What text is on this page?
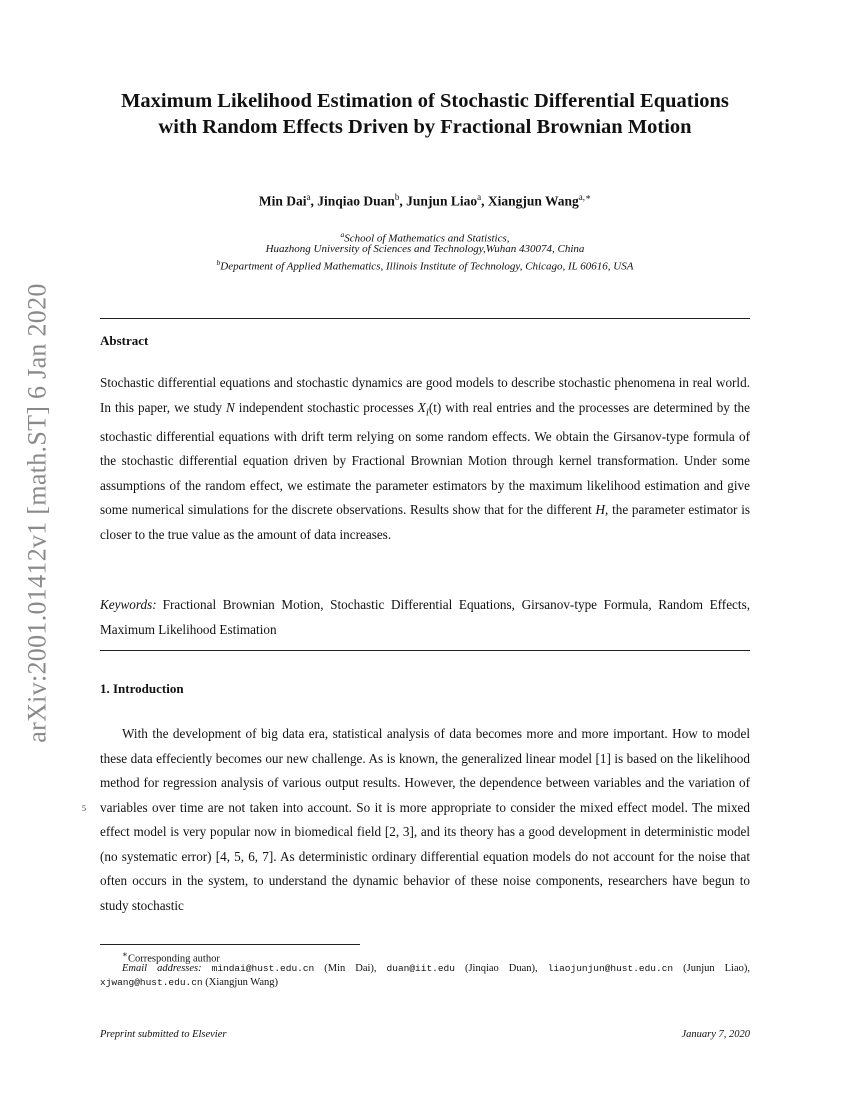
arXiv:2001.01412v1 [math.ST] 6 Jan 2020
Maximum Likelihood Estimation of Stochastic Differential Equations with Random Effects Driven by Fractional Brownian Motion
Min Dai$^a$, Jinqiao Duan$^b$, Junjun Liao$^a$, Xiangjun Wang$^{a,∗}$
$^a$School of Mathematics and Statistics,
Huazhong University of Sciences and Technology,Wuhan 430074, China
$^b$Department of Applied Mathematics, Illinois Institute of Technology, Chicago, IL 60616, USA
Abstract
Stochastic differential equations and stochastic dynamics are good models to describe stochastic phenomena in real world. In this paper, we study N independent stochastic processes $X_i(t)$ with real entries and the processes are determined by the stochastic differential equations with drift term relying on some random effects. We obtain the Girsanov-type formula of the stochastic differential equation driven by Fractional Brownian Motion through kernel transformation. Under some assumptions of the random effect, we estimate the parameter estimators by the maximum likelihood estimation and give some numerical simulations for the discrete observations. Results show that for the different H, the parameter estimator is closer to the true value as the amount of data increases.
Keywords: Fractional Brownian Motion, Stochastic Differential Equations, Girsanov-type Formula, Random Effects, Maximum Likelihood Estimation
1. Introduction
5
With the development of big data era, statistical analysis of data becomes more and more important. How to model these data effeciently becomes our new challenge. As is known, the generalized linear model [1] is based on the likelihood method for regression analysis of various output results. However, the dependence between variables and the variation of variables over time are not taken into account. So it is more appropriate to consider the mixed effect model. The mixed effect model is very popular now in biomedical field [2, 3], and its theory has a good development in deterministic model (no systematic error) [4, 5, 6, 7]. As deterministic ordinary differential equation models do not account for the noise that often occurs in the system, to understand the dynamic behavior of these noise components, researchers have begun to study stochastic
∗Corresponding author
Email addresses: mindai@hust.edu.cn (Min Dai), duan@iit.edu (Jinqiao Duan), liaojunjun@hust.edu.cn (Junjun Liao), xjwang@hust.edu.cn (Xiangjun Wang)
Preprint submitted to Elsevier	January 7, 2020
